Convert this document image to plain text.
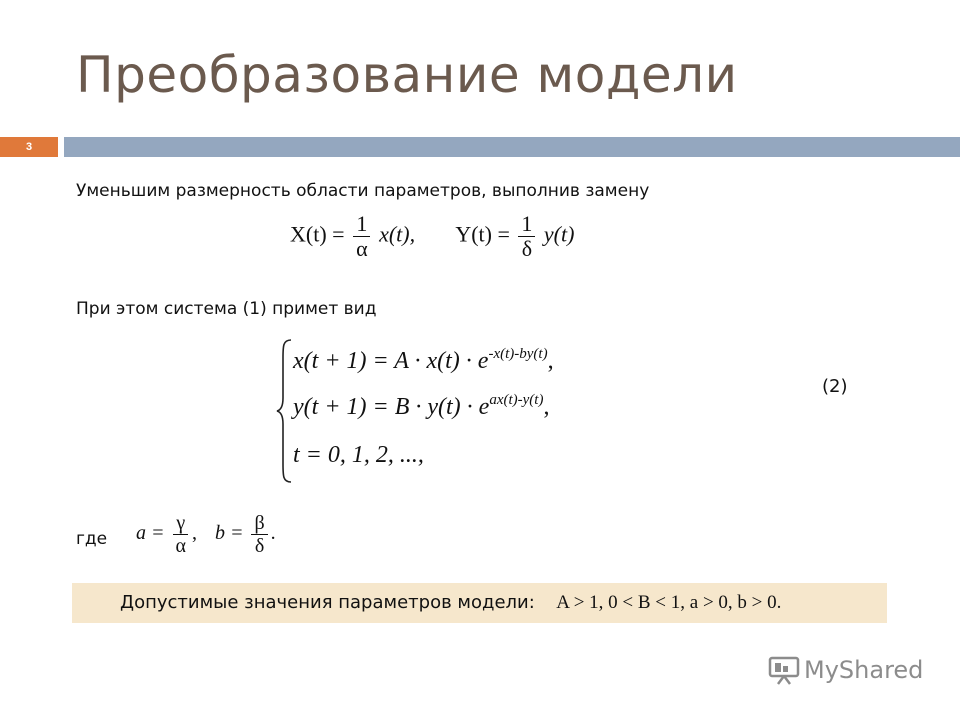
Преобразование модели
3
Уменьшим размерность области параметров, выполнив замену
$X(t) = \frac{1}{\alpha} x(t)$, $Y(t) = \frac{1}{\delta} y(t)$
При этом система (1) примет вид
$x(t + 1) = A \cdot x(t) \cdot e^{-x(t)-by(t)}$,
$y(t + 1) = B \cdot y(t) \cdot e^{ax(t)-y(t)}$,
t = 0, 1, 2, ...,
(2)
где $a = \frac{\gamma}{\alpha}$ ,  $b = \frac{\beta}{\delta}$ .
Допустимые значения параметров модели: A > 1, 0 < B < 1, a > 0, b > 0.
MyShared
